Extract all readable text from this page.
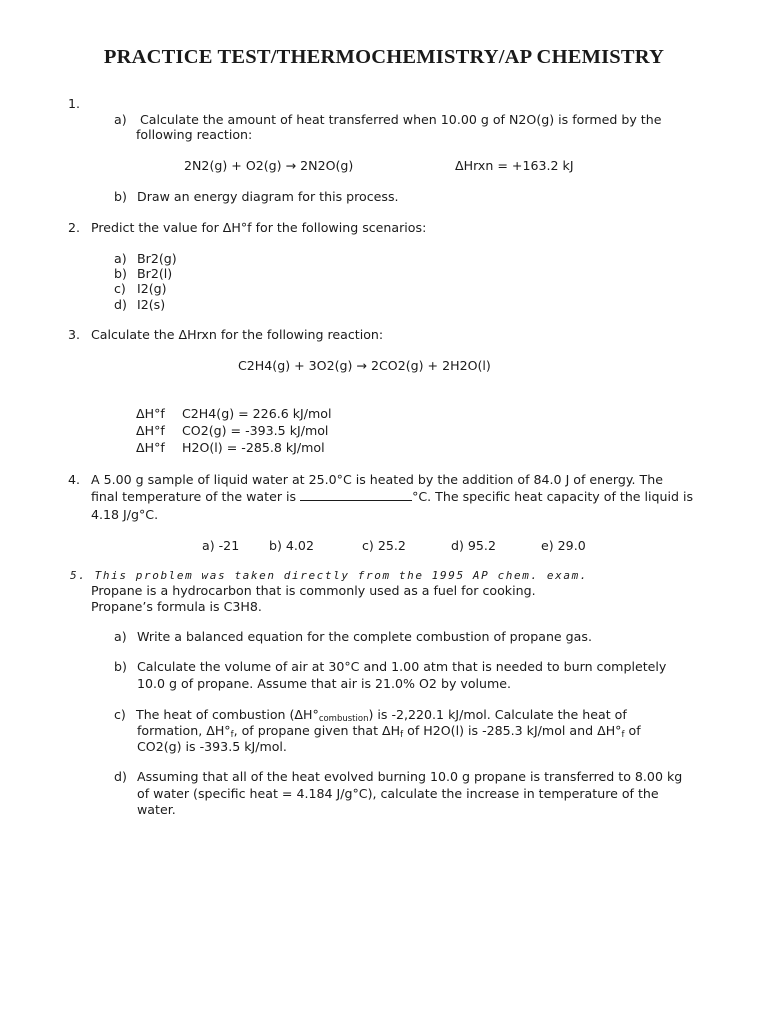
PRACTICE TEST/THERMOCHEMISTRY/AP CHEMISTRY
1.
a) Calculate the amount of heat transferred when 10.00 g of N2O(g) is formed by the
following reaction:
2N2(g) + O2(g) → 2N2O(g)	ΔHrxn = +163.2 kJ
b) Draw an energy diagram for this process.
2. Predict the value for ΔH°f for the following scenarios:
a) Br2(g)
b) Br2(l)
c) I2(g)
d) I2(s)
3. Calculate the ΔHrxn for the following reaction:
C2H4(g) + 3O2(g) → 2CO2(g) + 2H2O(l)
ΔH°f C2H4(g) = 226.6 kJ/mol
ΔH°f CO2(g) = -393.5 kJ/mol
ΔH°f H2O(l) = -285.8 kJ/mol
4. A 5.00 g sample of liquid water at 25.0°C is heated by the addition of 84.0 J of energy. The
final temperature of the water is	°C. The specific heat capacity of the liquid is
4.18 J/g°C.
a) -21 b) 4.02	c) 25.2	d) 95.2	e) 29.0
5. This problem was taken directly from the 1995 AP chem. exam.
Propane is a hydrocarbon that is commonly used as a fuel for cooking.
Propane’s formula is C3H8.
a) Write a balanced equation for the complete combustion of propane gas.
b) Calculate the volume of air at 30°C and 1.00 atm that is needed to burn completely
10.0 g of propane. Assume that air is 21.0% O2 by volume.
c) The heat of combustion $(\Delta H^\circ_{combustion})$ is -2,220.1 kJ/mol. Calculate the heat of
formation, $\Delta H^\circ_f$, of propane given that $\Delta H_f$ of H2O(l) is -285.3 kJ/mol and $\Delta H^\circ_f$ of
CO2(g) is -393.5 kJ/mol.
d) Assuming that all of the heat evolved burning 10.0 g propane is transferred to 8.00 kg
of water (specific heat = 4.184 J/g°C), calculate the increase in temperature of the
water.
